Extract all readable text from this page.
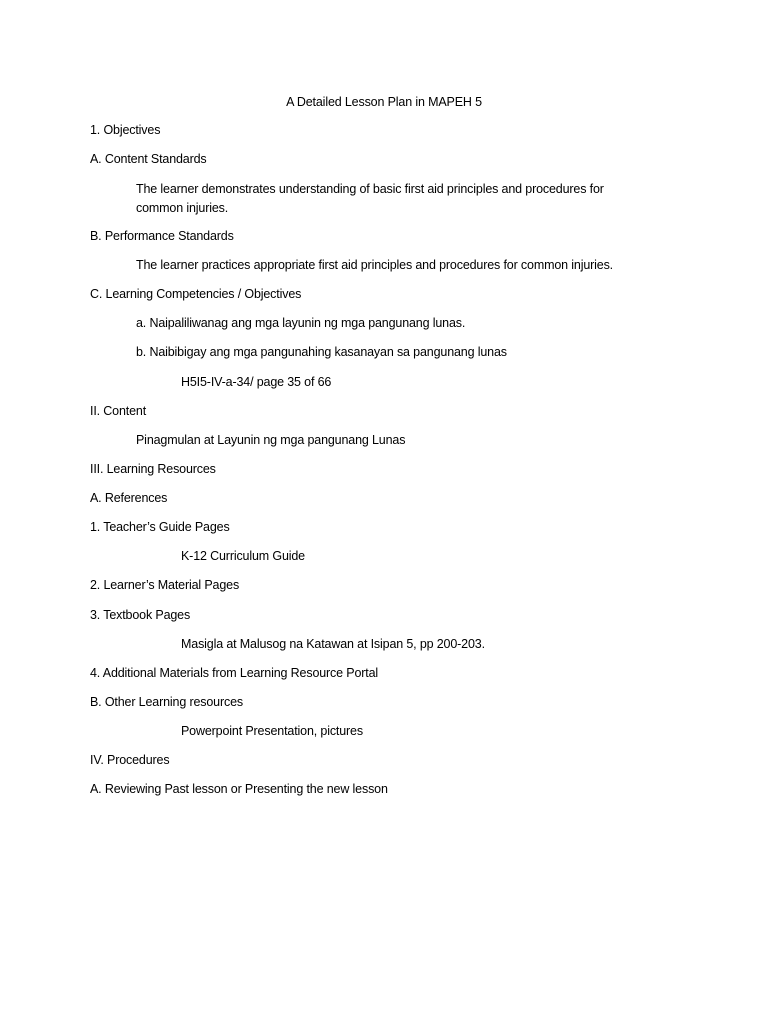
A Detailed Lesson Plan in MAPEH 5
1. Objectives
A. Content Standards
The learner demonstrates understanding of basic first aid principles and procedures for
common injuries.
B. Performance Standards
The learner practices appropriate first aid principles and procedures for common injuries.
C. Learning Competencies / Objectives
a. Naipaliliwanag ang mga layunin ng mga pangunang lunas.
b. Naibibigay ang mga pangunahing kasanayan sa pangunang lunas
H5I5-IV-a-34/ page 35 of 66
II. Content
Pinagmulan at Layunin ng mga pangunang Lunas
III. Learning Resources
A. References
1. Teacher’s Guide Pages
K-12 Curriculum Guide
2. Learner’s Material Pages
3. Textbook Pages
Masigla at Malusog na Katawan at Isipan 5, pp 200-203.
4. Additional Materials from Learning Resource Portal
B. Other Learning resources
Powerpoint Presentation, pictures
IV. Procedures
A. Reviewing Past lesson or Presenting the new lesson
